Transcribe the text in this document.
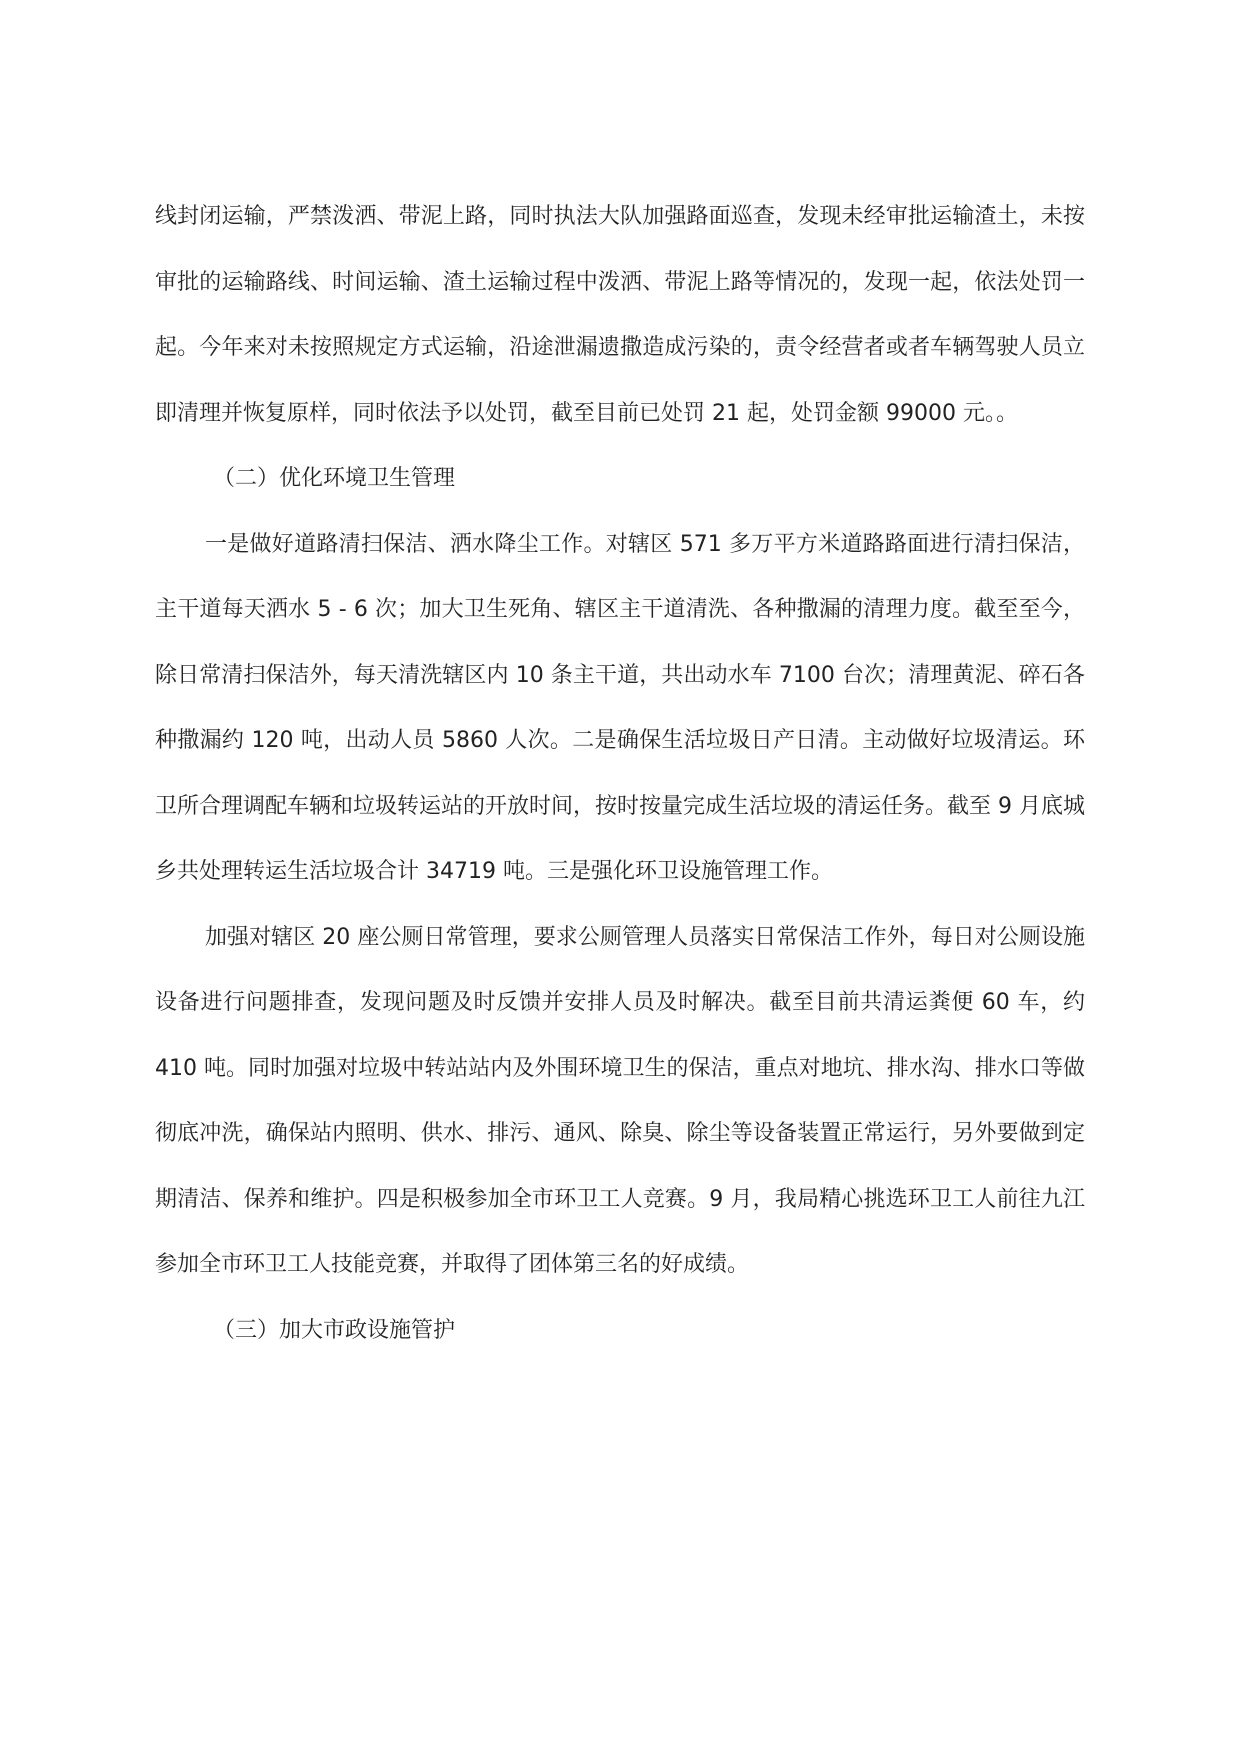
线封闭运输，严禁泼洒、带泥上路，同时执法大队加强路面巡查，发现未经审批运输渣土，未按审批的运输路线、时间运输、渣土运输过程中泼洒、带泥上路等情况的，发现一起，依法处罚一起。今年来对未按照规定方式运输，沿途泄漏遗撒造成污染的，责令经营者或者车辆驾驶人员立即清理并恢复原样，同时依法予以处罚，截至目前已处罚 21 起，处罚金额 99000 元。。

（二）优化环境卫生管理

一是做好道路清扫保洁、洒水降尘工作。对辖区 571 多万平方米道路路面进行清扫保洁，主干道每天洒水 5 - 6 次；加大卫生死角、辖区主干道清洗、各种撒漏的清理力度。截至至今，除日常清扫保洁外，每天清洗辖区内 10 条主干道，共出动水车 7100 台次；清理黄泥、碎石各种撒漏约 120 吨，出动人员 5860 人次。二是确保生活垃圾日产日清。主动做好垃圾清运。环卫所合理调配车辆和垃圾转运站的开放时间，按时按量完成生活垃圾的清运任务。截至 9 月底城乡共处理转运生活垃圾合计 34719 吨。三是强化环卫设施管理工作。

加强对辖区 20 座公厕日常管理，要求公厕管理人员落实日常保洁工作外，每日对公厕设施设备进行问题排查，发现问题及时反馈并安排人员及时解决。截至目前共清运粪便 60 车，约 410 吨。同时加强对垃圾中转站站内及外围环境卫生的保洁，重点对地坑、排水沟、排水口等做彻底冲洗，确保站内照明、供水、排污、通风、除臭、除尘等设备装置正常运行，另外要做到定期清洁、保养和维护。四是积极参加全市环卫工人竞赛。9 月，我局精心挑选环卫工人前往九江参加全市环卫工人技能竞赛，并取得了团体第三名的好成绩。

（三）加大市政设施管护
